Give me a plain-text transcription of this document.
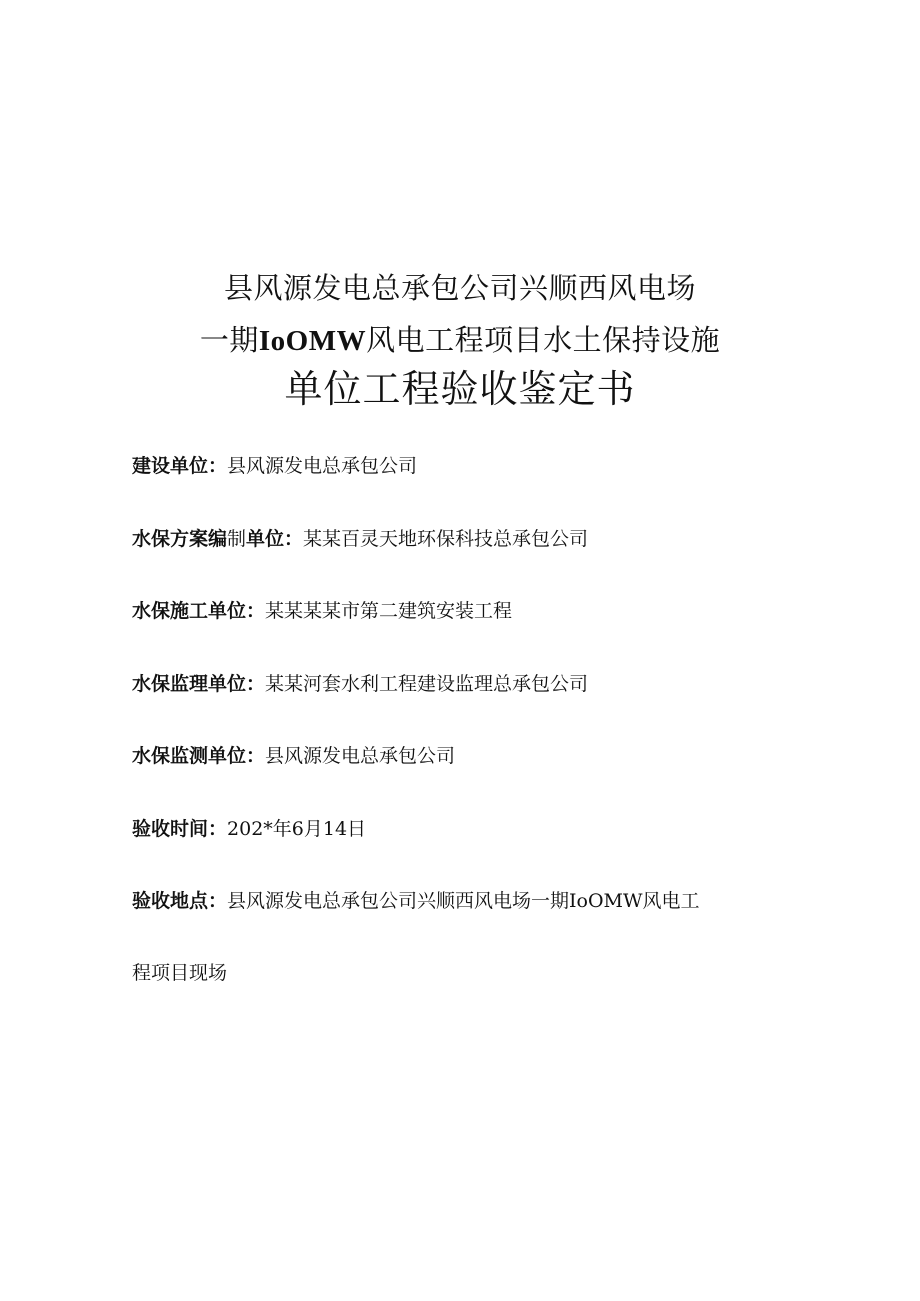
县风源发电总承包公司兴顺西风电场
一期IoOMW风电工程项目水土保持设施
单位工程验收鉴定书
建设单位：县风源发电总承包公司
水保方案编制单位：某某百灵天地环保科技总承包公司
水保施工单位：某某某某市第二建筑安装工程
水保监理单位：某某河套水利工程建设监理总承包公司
水保监测单位：县风源发电总承包公司
验收时间：202*年6月14日
验收地点：县风源发电总承包公司兴顺西风电场一期IoOMW风电工
程项目现场
